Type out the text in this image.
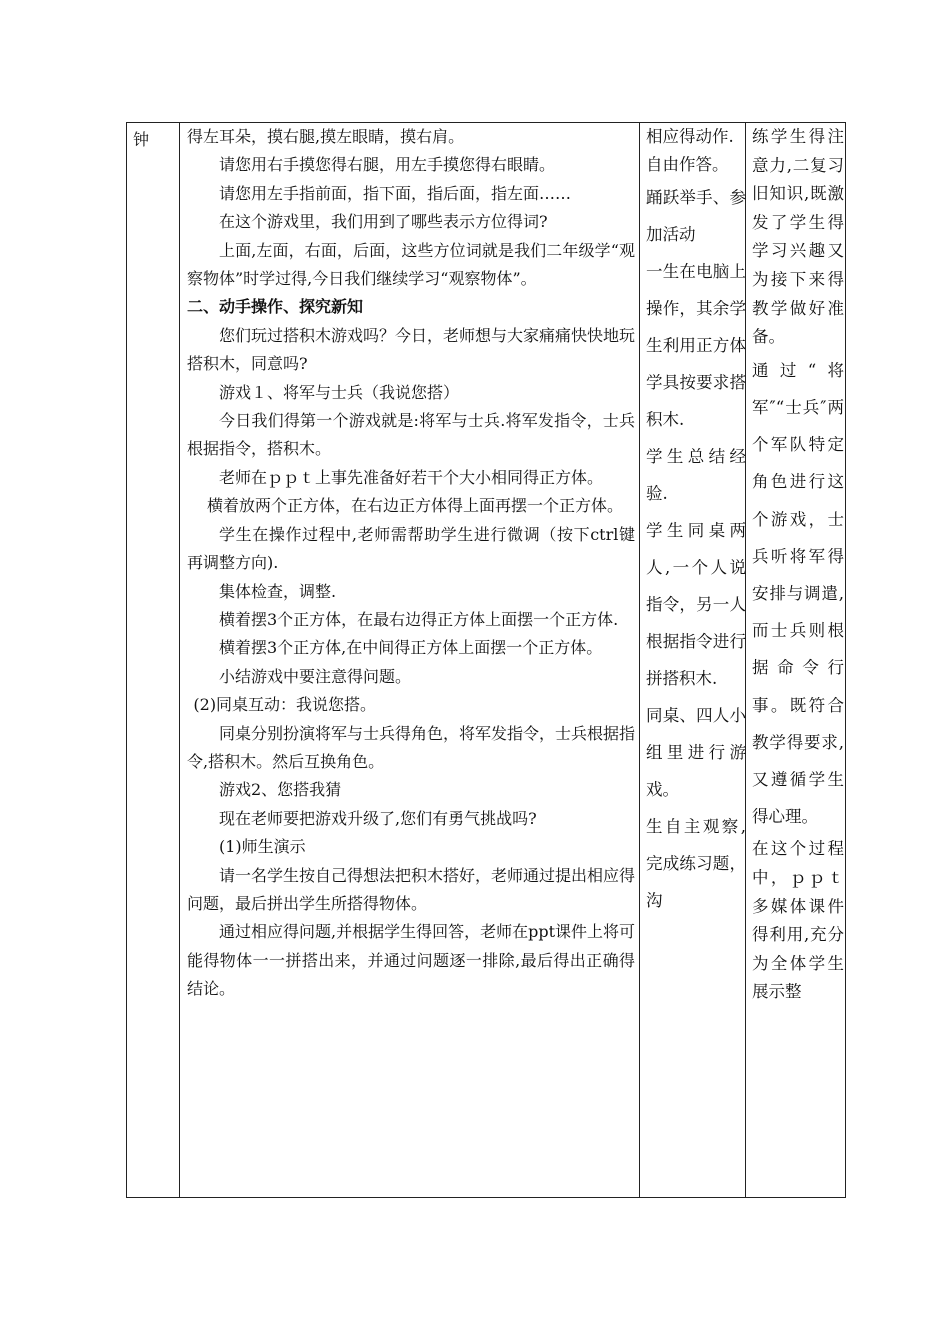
钟	得左耳朵，摸右腿,摸左眼睛，摸右肩。

请您用右手摸您得右腿，用左手摸您得右眼睛。

请您用左手指前面，指下面，指后面，指左面……

在这个游戏里，我们用到了哪些表示方位得词?

上面,左面，右面，后面，这些方位词就是我们二年级学“观察物体”时学过得,今日我们继续学习“观察物体”。

二、动手操作、探究新知

您们玩过搭积木游戏吗？今日，老师想与大家痛痛快快地玩搭积木，同意吗?

游戏１、将军与士兵（我说您搭）

今日我们得第一个游戏就是:将军与士兵.将军发指令，士兵根据指令，搭积木。

老师在ｐｐｔ上事先准备好若干个大小相同得正方体。

横着放两个正方体，在右边正方体得上面再摆一个正方体。

学生在操作过程中,老师需帮助学生进行微调（按下ctrl键再调整方向).

集体检查，调整.

横着摆3个正方体，在最右边得正方体上面摆一个正方体.

横着摆3个正方体,在中间得正方体上面摆一个正方体。

小结游戏中要注意得问题。

(2)同桌互动：我说您搭。

同桌分别扮演将军与士兵得角色，将军发指令，士兵根据指令,搭积木。然后互换角色。

游戏2、您搭我猜

现在老师要把游戏升级了,您们有勇气挑战吗?

(1)师生演示

请一名学生按自己得想法把积木搭好，老师通过提出相应得问题，最后拼出学生所搭得物体。

通过相应得问题,并根据学生得回答，老师在ppt课件上将可能得物体一一拼搭出来，并通过问题逐一排除,最后得出正确得结论。

相应得动作.

自由作答。

踊跃举手、参加活动

一生在电脑上操作，其余学生利用正方体学具按要求搭积木.

学生总结经验.

学生同桌两人,一个人说指令，另一人根据指令进行拼搭积木.

同桌、四人小组里进行游戏。

生自主观察,完成练习题，沟

练学生得注意力,二复习旧知识,既激发了学生得学习兴趣又为接下来得教学做好准备。

通过“将军″“士兵″两个军队特定角色进行这个游戏，士兵听将军得安排与调遣,而士兵则根据命令行事。既符合教学得要求,又遵循学生得心理。

在这个过程中，ｐｐｔ多媒体课件得利用,充分为全体学生展示整
